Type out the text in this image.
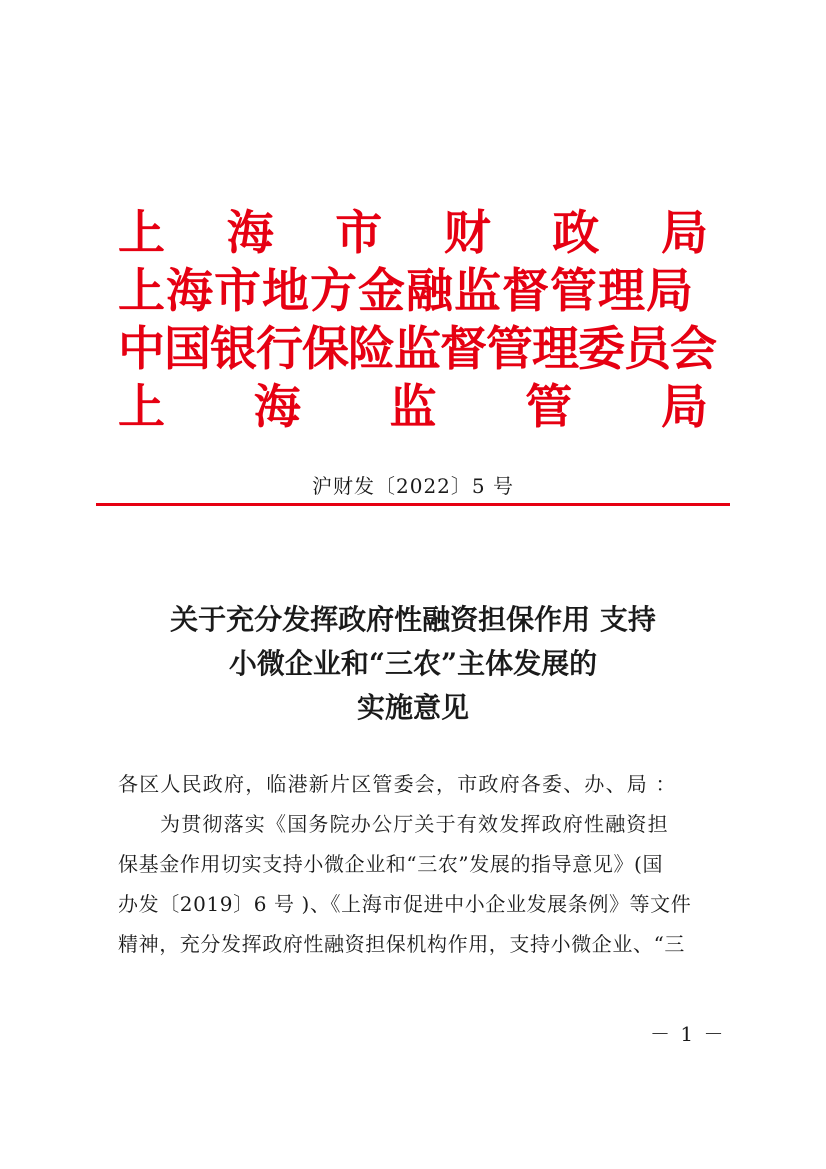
上 海 市 财 政 局
上海市地方金融监督管理局
中国银行保险监督管理委员会
上 海 监 管 局
沪财发〔2022〕5 号
关于充分发挥政府性融资担保作用 支持
小微企业和“三农”主体发展的
实施意见

各区人民政府，临港新片区管委会，市政府各委、办、局 ：

为贯彻落实《国务院办公厅关于有效发挥政府性融资担

保基金作用切实支持小微企业和“三农”发展的指导意见》(国

办发〔2019〕6 号 )、《上海市促进中小企业发展条例》等文件

精神，充分发挥政府性融资担保机构作用，支持小微企业、“三

－ 1 －
